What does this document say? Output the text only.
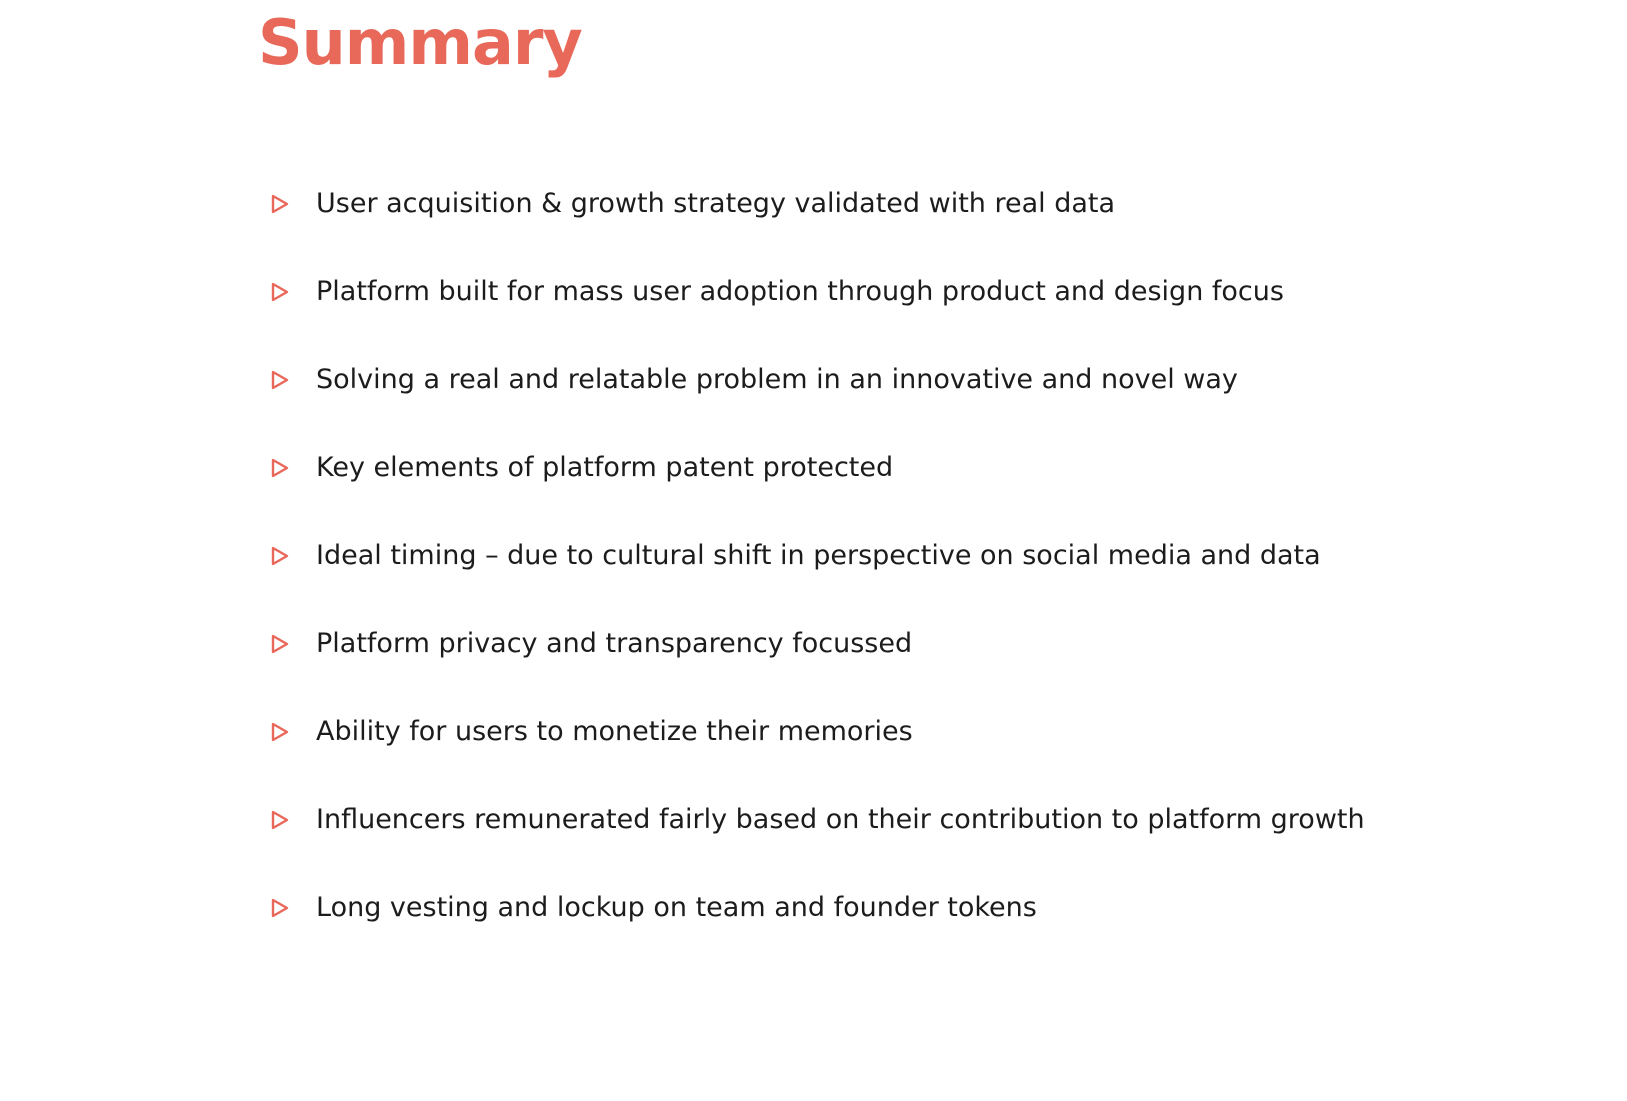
Summary
User acquisition & growth strategy validated with real data
Platform built for mass user adoption through product and design focus
Solving a real and relatable problem in an innovative and novel way
Key elements of platform patent protected
Ideal timing – due to cultural shift in perspective on social media and data
Platform privacy and transparency focussed
Ability for users to monetize their memories
Influencers remunerated fairly based on their contribution to platform growth
Long vesting and lockup on team and founder tokens
